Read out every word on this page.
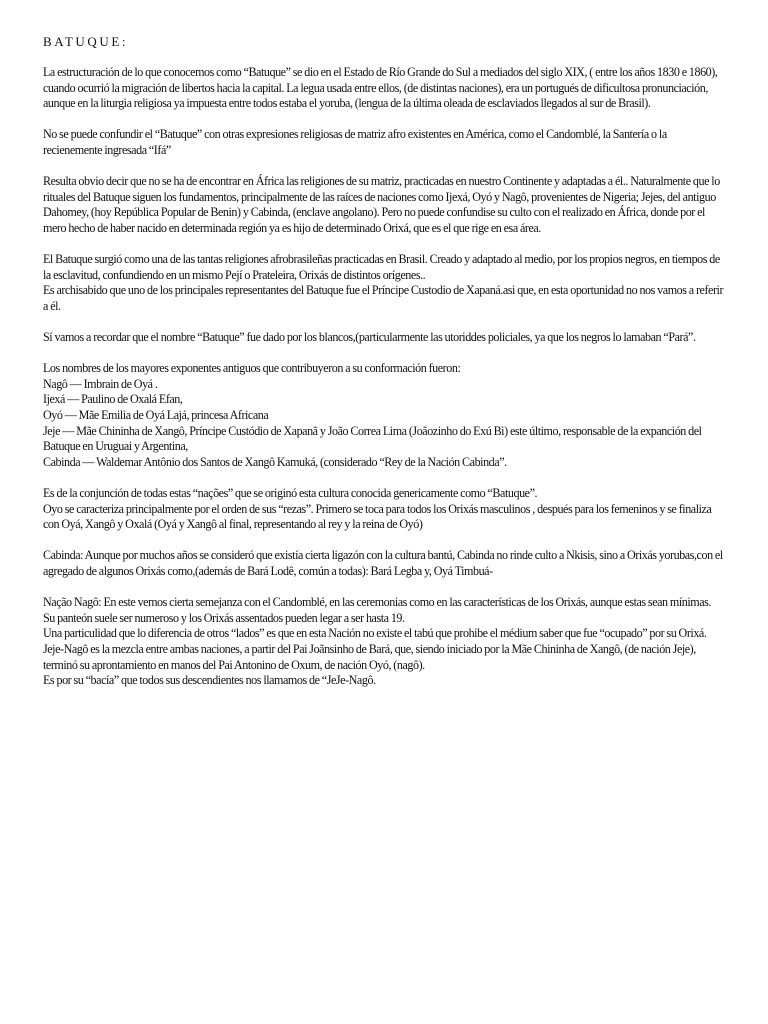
BATUQUE:
La estructuración de lo que conocemos como “Batuque” se dio en el Estado de Río Grande do Sul a mediados del siglo XIX, ( entre los años 1830 e 1860), cuando ocurrió la migración de libertos hacia la capital. La legua usada entre ellos, (de distintas naciones), era un portugués de dificultosa pronunciación, aunque en la liturgia religiosa ya impuesta entre todos estaba el yoruba, (lengua de la última oleada de esclaviados llegados al sur de Brasil).
No se puede confundir el “Batuque” con otras expresiones religiosas de matriz afro existentes en América, como el Candomblé, la Santería o la recienemente ingresada “Ifá”
Resulta obvio decir que no se ha de encontrar en África las religiones de su matriz, practicadas en nuestro Continente y adaptadas a él.. Naturalmente que lo rituales del Batuque siguen los fundamentos, principalmente de las raíces de naciones como Ijexá, Oyó y Nagô, provenientes de Nigeria; Jejes, del antiguo Dahomey, (hoy República Popular de Benin) y Cabinda, (enclave angolano). Pero no puede confundise su culto con el realizado en África, donde por el mero hecho de haber nacido en determinada región ya es hijo de determinado Orixá, que es el que rige en esa área.
El Batuque surgió como una de las tantas religiones afrobrasileñas practicadas en Brasil. Creado y adaptado al medio, por los propios negros, en tiempos de la esclavitud, confundiendo en un mismo Pejí o Prateleira, Orixás de distintos orígenes..
Es archisabido que uno de los principales representantes del Batuque fue el Príncipe Custodio de Xapaná.asi que, en esta oportunidad no nos vamos a referir a él.
Sí vamos a recordar que el nombre “Batuque” fue dado por los blancos,(particularmente las utoriddes policiales, ya que los negros lo lamaban “Pará”.
Los nombres de los mayores exponentes antiguos que contribuyeron a su conformación fueron:
Nagô — Imbrain de Oyá .
Ijexá — Paulino de Oxalá Efan,
Oyó — Mãe Emilia de Oyá Lajá, princesa Africana
Jeje — Mãe Chininha de Xangô, Príncipe Custódio de Xapanã y João Correa Lima (Joãozinho do Exú Bì) este último, responsable de la expanción del Batuque en Uruguai y Argentina,
Cabinda — Waldemar Antônio dos Santos de Xangô Kamuká, (considerado “Rey de la Nación Cabinda”.
Es de la conjunción de todas estas “nações” que se originó esta cultura conocida genericamente como “Batuque”.
Oyo se caracteriza principalmente por el orden de sus “rezas”. Primero se toca para todos los Orixás masculinos , después para los femeninos y se finaliza con Oyá, Xangô y Oxalá (Oyá y Xangô al final, representando al rey y la reina de Oyó)
Cabinda: Aunque por muchos años se consideró que existía cierta ligazón con la cultura bantú, Cabinda no rinde culto a Nkisis, sino a Orixás yorubas,con el agregado de algunos Orixás como,(además de Bará Lodê, común a todas): Bará Legba y, Oyá Timbuá-
Nação Nagô: En este vemos cierta semejanza con el Candomblé, en las ceremonias como en las características de los Orixás, aunque estas sean mínimas.
Su panteón suele ser numeroso y los Orixás assentados pueden legar a ser hasta 19.
Una particulidad que lo diferencia de otros “lados” es que en esta Nación no existe el tabú que prohibe el médium saber que fue “ocupado” por su Orixá.
Jeje-Nagô es la mezcla entre ambas naciones, a partir del Pai Joãnsinho de Bará, que, siendo iniciado por la Mãe Chininha de Xangô, (de nación Jeje), terminó su aprontamiento en manos del Pai Antonino de Oxum, de nación Oyó, (nagô).
Es por su “bacía” que todos sus descendientes nos llamamos de “JeJe-Nagô.
